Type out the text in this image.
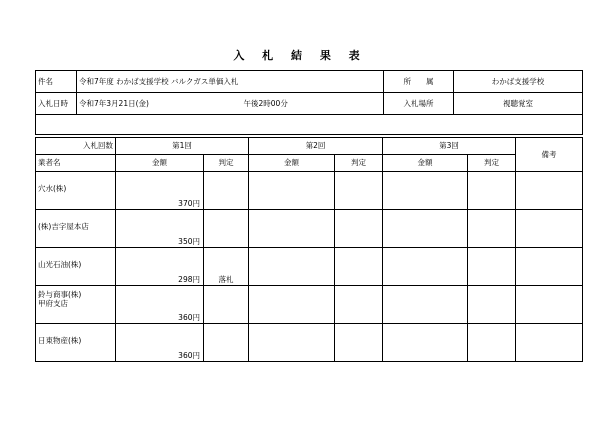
入 札 結 果 表
件名	令和7年度 わかば支援学校 バルクガス単価入札		所　　属	わかば支援学校
入札日時	令和7年3月21日(金)	午後2時00分	入札場所	視聴覚室

入札回数	第1回		第2回		第3回		備考
業者名	金額	判定	金額	判定	金額	判定	

穴水(株)	370円						

(株)吉字屋本店	350円						

山光石油(株)	298円	落札					

鈴与商事(株)
甲府支店	360円						

日東物産(株)	360円						
